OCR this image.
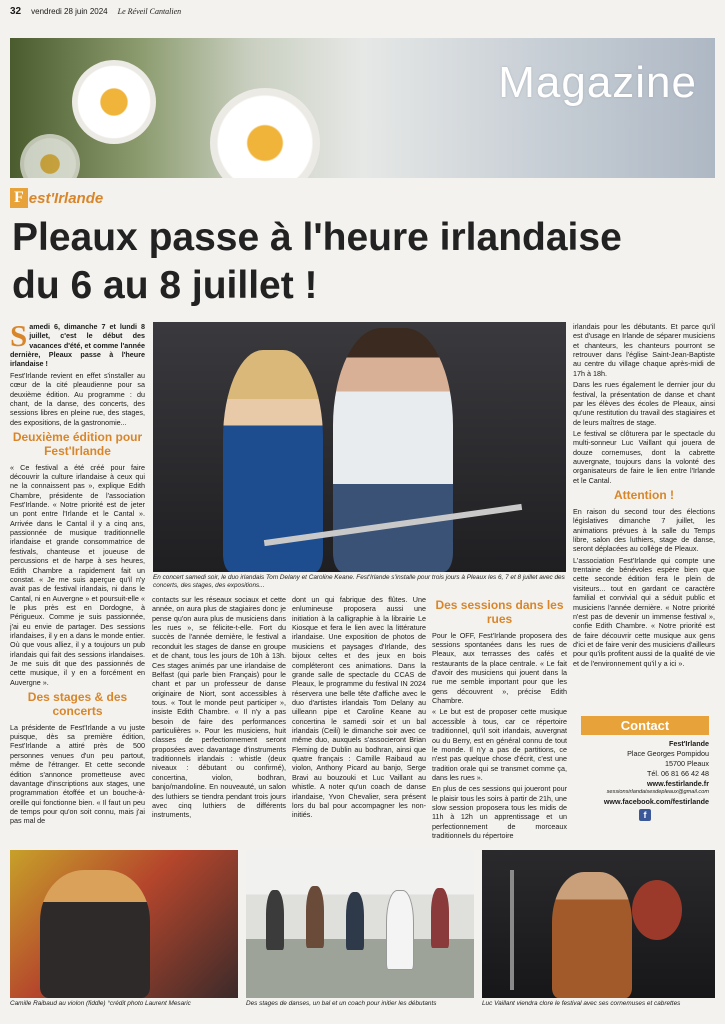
32 vendredi 28 juin 2024 Le Réveil Cantalien
Magazine
F est'Irlande
Pleaux passe à l'heure irlandaise
du 6 au 8 juillet !
S amedi 6, dimanche 7 et lundi 8 juillet, c'est le début des vacances d'été, et comme l'année dernière, Pleaux passe à l'heure irlandaise !

Fest'Irlande revient en effet s'installer au cœur de la cité pleaudienne pour sa deuxième édition. Au programme : du chant, de la danse, des concerts, des sessions libres en pleine rue, des stages, des expositions, de la gastronomie...

Deuxième édition pour Fest'Irlande

« Ce festival a été créé pour faire découvrir la culture irlandaise à ceux qui ne la connaissent pas », explique Edith Chambre, présidente de l'association Fest'Irlande. « Notre priorité est de jeter un pont entre l'Irlande et le Cantal ». Arrivée dans le Cantal il y a cinq ans, passionnée de musique traditionnelle irlandaise et grande consommatrice de festivals, chanteuse et joueuse de percussions et de harpe à ses heures, Edith Chambre a rapidement fait un constat. « Je me suis aperçue qu'il n'y avait pas de festival irlandais, ni dans le Cantal, ni en Auvergne » et poursuit-elle « le plus près est en Dordogne, à Périgueux. Comme je suis passionnée, j'ai eu envie de partager. Des sessions irlandaises, il y en a dans le monde entier. Où que vous alliez, il y a toujours un pub irlandais qui fait des sessions irlandaises. Je me suis dit que des passionnés de cette musique, il y en a forcément en Auvergne ».

Des stages & des concerts

La présidente de Fest'Irlande a vu juste puisque, dès sa première édition, Fest'Irlande a attiré près de 500 personnes venues d'un peu partout, même de l'étranger. Et cette seconde édition s'annonce prometteuse avec davantage d'inscriptions aux stages, une programmation étoffée et un bouche-à-oreille qui fonctionne bien. « Il faut un peu de temps pour qu'on soit connu, mais j'ai pas mal de

En concert samedi soir, le duo irlandais Tom Delany et Caroline Keane. Fest'Irlande s'installe pour trois jours à Pleaux les 6, 7 et 8 juillet avec des concerts, des stages, des expositions...

contacts sur les réseaux sociaux et cette année, on aura plus de stagiaires donc je pense qu'on aura plus de musiciens dans les rues », se félicite-t-elle. Fort du succès de l'année dernière, le festival a reconduit les stages de danse en groupe et de chant, tous les jours de 10h à 13h. Ces stages animés par une irlandaise de Belfast (qui parle bien Français) pour le chant et par un professeur de danse originaire de Niort, sont accessibles à tous. « Tout le monde peut participer », insiste Edith Chambre. « Il n'y a pas besoin de faire des performances particulières ». Pour les musiciens, huit classes de perfectionnement seront proposées avec davantage d'instruments traditionnels irlandais : whistle (deux niveaux : débutant ou confirmé), concertina, violon, bodhran, banjo/mandoline. En nouveauté, un salon des luthiers se tiendra pendant trois jours avec cinq luthiers de différents instruments,

dont un qui fabrique des flûtes. Une enlumineuse proposera aussi une initiation à la calligraphie à la librairie Le Kiosque et fera le lien avec la littérature irlandaise. Une exposition de photos de musiciens et paysages d'Irlande, des bijoux celtes et des jeux en bois compléteront ces animations. Dans la grande salle de spectacle du CCAS de Pleaux, le programme du festival IN 2024 réservera une belle tête d'affiche avec le duo d'artistes irlandais Tom Delany au uilleann pipe et Caroline Keane au concertina le samedi soir et un bal irlandais (Ceili) le dimanche soir avec ce même duo, auxquels s'associeront Brian Fleming de Dublin au bodhran, ainsi que quatre français : Camille Raibaud au violon, Anthony Picard au banjo, Serge Bravi au bouzouki et Luc Vaillant au whistle. A noter qu'un coach de danse irlandaise, Yvon Chevalier, sera présent lors du bal pour accompagner les non-initiés.

Des sessions dans les rues

Pour le OFF, Fest'Irlande proposera des sessions spontanées dans les rues de Pleaux, aux terrasses des cafés et restaurants de la place centrale. « Le fait d'avoir des musiciens qui jouent dans la rue me semble important pour que les gens découvrent », précise Edith Chambre.

« Le but est de proposer cette musique accessible à tous, car ce répertoire traditionnel, qu'il soit irlandais, auvergnat ou du Berry, est en général connu de tout le monde. Il n'y a pas de partitions, ce n'est pas quelque chose d'écrit, c'est une tradition orale qui se transmet comme ça, dans les rues ».

En plus de ces sessions qui joueront pour le plaisir tous les soirs à partir de 21h, une slow session proposera tous les midis de 11h à 12h un apprentissage et un perfectionnement de morceaux traditionnels du répertoire

irlandais pour les débutants. Et parce qu'il est d'usage en Irlande de séparer musiciens et chanteurs, les chanteurs pourront se retrouver dans l'église Saint-Jean-Baptiste au centre du village chaque après-midi de 17h à 18h.

Dans les rues également le dernier jour du festival, la présentation de danse et chant par les élèves des écoles de Pleaux, ainsi qu'une restitution du travail des stagiaires et de leurs maîtres de stage.

Le festival se clôturera par le spectacle du multi-sonneur Luc Vaillant qui jouera de douze cornemuses, dont la cabrette auvergnate, toujours dans la volonté des organisateurs de faire le lien entre l'Irlande et le Cantal.

Attention !

En raison du second tour des élections législatives dimanche 7 juillet, les animations prévues à la salle du Temps libre, salon des luthiers, stage de danse, seront déplacées au collège de Pleaux.

L'association Fest'Irlande qui compte une trentaine de bénévoles espère bien que cette seconde édition fera le plein de visiteurs... tout en gardant ce caractère familial et convivial qui a séduit public et musiciens l'année dernière. « Notre priorité n'est pas de devenir un immense festival », confie Edith Chambre. « Notre priorité est de faire découvrir cette musique aux gens d'ici et de faire venir des musiciens d'ailleurs pour qu'ils profitent aussi de la qualité de vie et de l'environnement qu'il y a ici ».

Contact
Fest'Irlande
Place Georges Pompidou
15700 Pleaux
Tél. 06 81 66 42 48
www.festirlande.fr
sessionsirlandaisesdepleaux@gmail.com
www.facebook.com/festirlande
f
Camille Raibaud au violon (fiddle) °crédit photo Laurent Mesaric	Des stages de danses, un bal et un coach pour initier les débutants	Luc Vaillant viendra clore le festival avec ses cornemuses et cabrettes
